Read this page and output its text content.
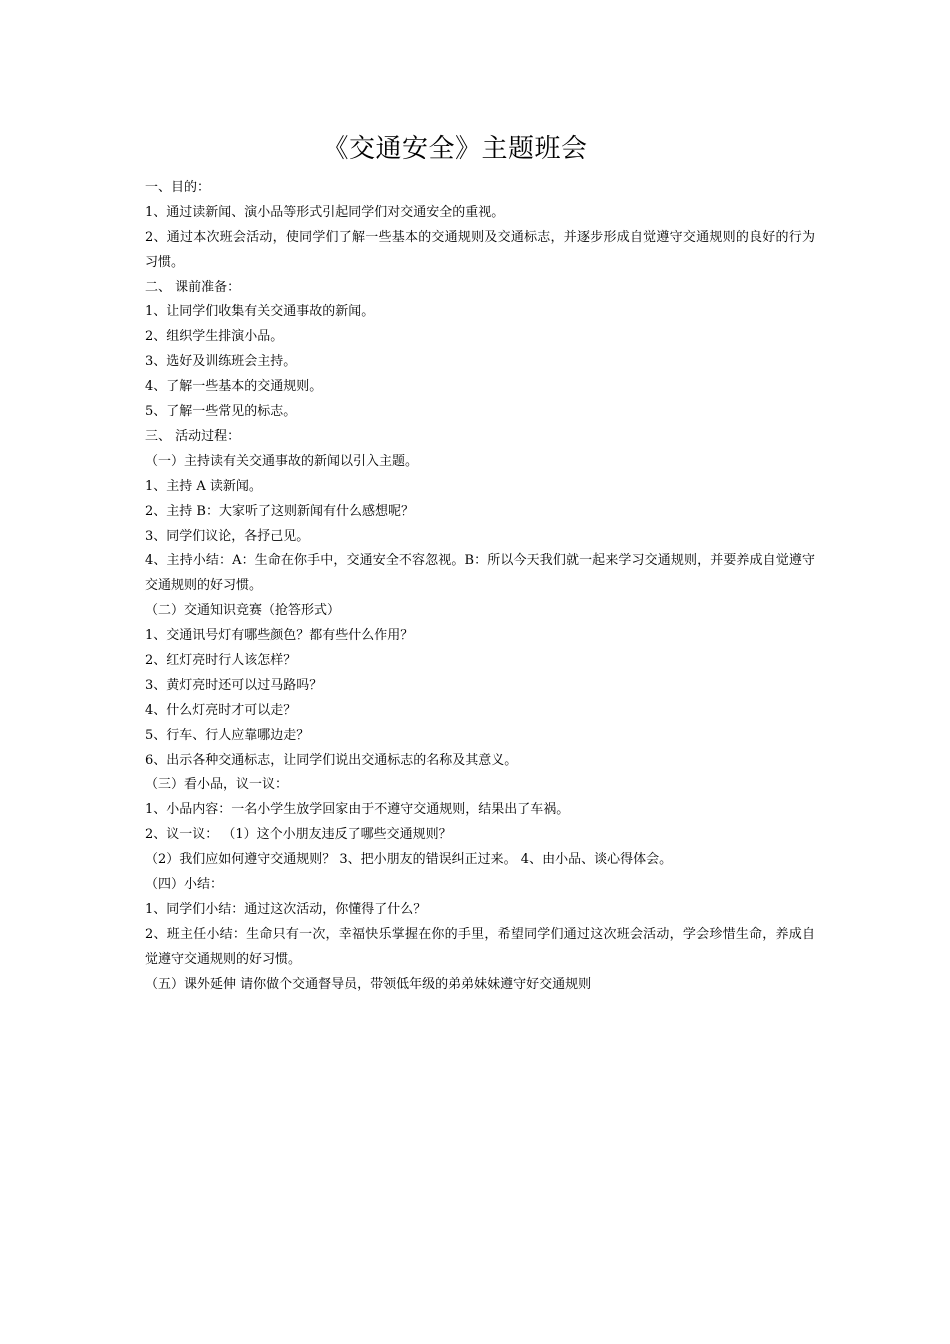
《交通安全》主题班会
一、目的：
1、通过读新闻、演小品等形式引起同学们对交通安全的重视。
2、通过本次班会活动，使同学们了解一些基本的交通规则及交通标志，并逐步形成自觉遵守交通规则的良好的行为习惯。
二、 课前准备：
1、让同学们收集有关交通事故的新闻。
2、组织学生排演小品。
3、选好及训练班会主持。
4、了解一些基本的交通规则。
5、了解一些常见的标志。
三、 活动过程：
（一）主持读有关交通事故的新闻以引入主题。
1、主持 A 读新闻。
2、主持 B：大家听了这则新闻有什么感想呢？
3、同学们议论，各抒己见。
4、主持小结：A：生命在你手中，交通安全不容忽视。B：所以今天我们就一起来学习交通规则，并要养成自觉遵守交通规则的好习惯。
（二）交通知识竞赛（抢答形式）
1、交通讯号灯有哪些颜色？都有些什么作用？
2、红灯亮时行人该怎样？
3、黄灯亮时还可以过马路吗？
4、什么灯亮时才可以走？
5、行车、行人应靠哪边走？
6、出示各种交通标志，让同学们说出交通标志的名称及其意义。
（三）看小品，议一议：
1、小品内容：一名小学生放学回家由于不遵守交通规则，结果出了车祸。
2、议一议： （1）这个小朋友违反了哪些交通规则？
（2）我们应如何遵守交通规则？ 3、把小朋友的错误纠正过来。 4、由小品、谈心得体会。
（四）小结：
1、同学们小结：通过这次活动，你懂得了什么？
2、班主任小结：生命只有一次，幸福快乐掌握在你的手里，希望同学们通过这次班会活动，学会珍惜生命，养成自觉遵守交通规则的好习惯。
（五）课外延伸 请你做个交通督导员，带领低年级的弟弟妹妹遵守好交通规则
